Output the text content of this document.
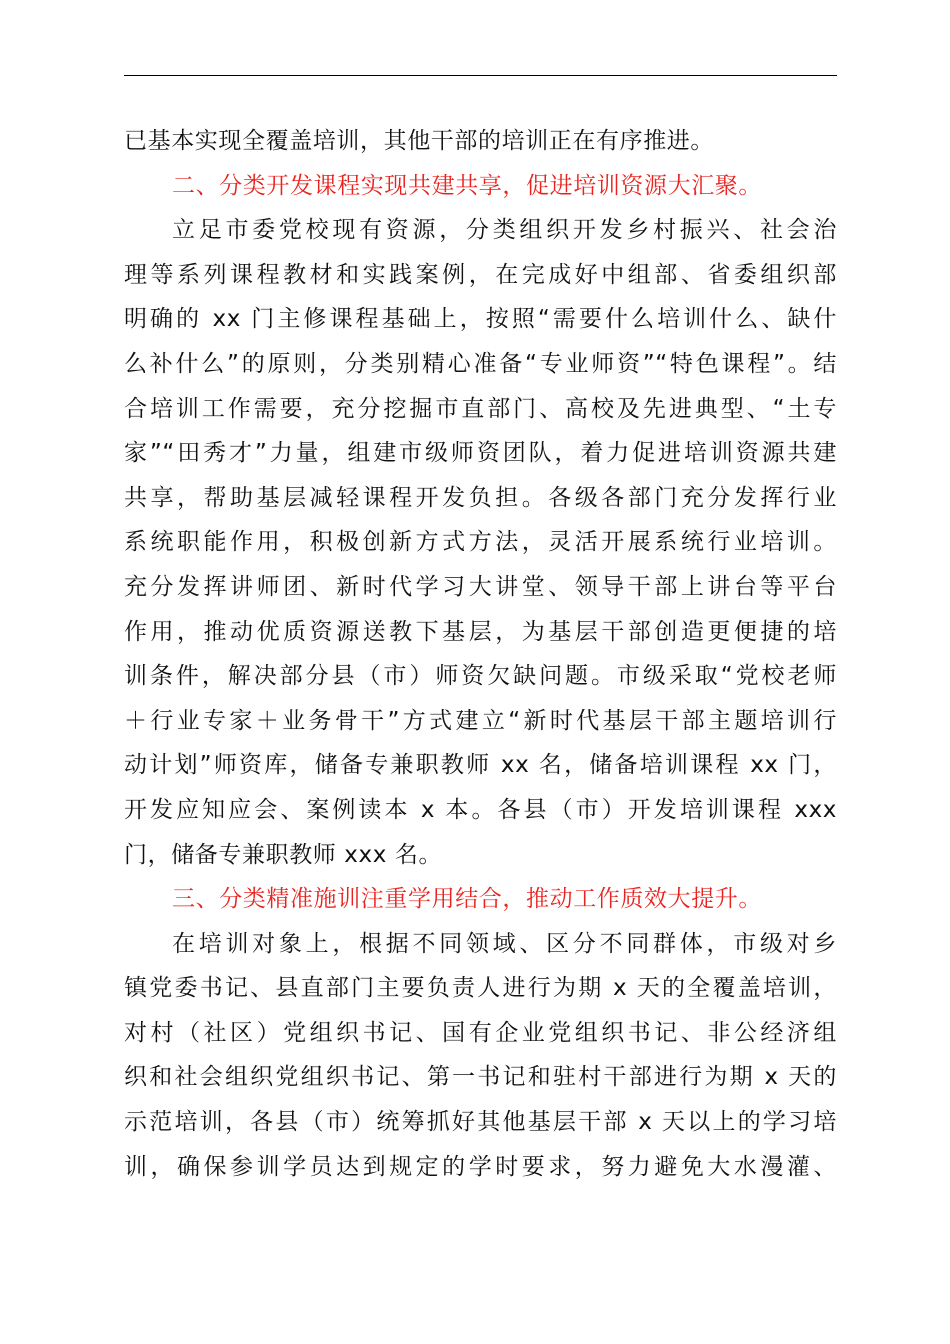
已基本实现全覆盖培训，其他干部的培训正在有序推进。
二、分类开发课程实现共建共享，促进培训资源大汇聚。
立足市委党校现有资源，分类组织开发乡村振兴、社会治
理等系列课程教材和实践案例，在完成好中组部、省委组织部
明确的 xx 门主修课程基础上，按照“需要什么培训什么、缺什
么补什么”的原则，分类别精心准备“专业师资”“特色课程”。结
合培训工作需要，充分挖掘市直部门、高校及先进典型、“土专
家”“田秀才”力量，组建市级师资团队，着力促进培训资源共建
共享，帮助基层减轻课程开发负担。各级各部门充分发挥行业
系统职能作用，积极创新方式方法，灵活开展系统行业培训。
充分发挥讲师团、新时代学习大讲堂、领导干部上讲台等平台
作用，推动优质资源送教下基层，为基层干部创造更便捷的培
训条件，解决部分县（市）师资欠缺问题。市级采取“党校老师
＋行业专家＋业务骨干”方式建立“新时代基层干部主题培训行
动计划”师资库，储备专兼职教师 xx 名，储备培训课程 xx 门，
开发应知应会、案例读本 x 本。各县（市）开发培训课程 xxx
门，储备专兼职教师 xxx 名。
三、分类精准施训注重学用结合，推动工作质效大提升。
在培训对象上，根据不同领域、区分不同群体，市级对乡
镇党委书记、县直部门主要负责人进行为期 x 天的全覆盖培训，
对村（社区）党组织书记、国有企业党组织书记、非公经济组
织和社会组织党组织书记、第一书记和驻村干部进行为期 x 天的
示范培训，各县（市）统筹抓好其他基层干部 x 天以上的学习培
训，确保参训学员达到规定的学时要求，努力避免大水漫灌、
